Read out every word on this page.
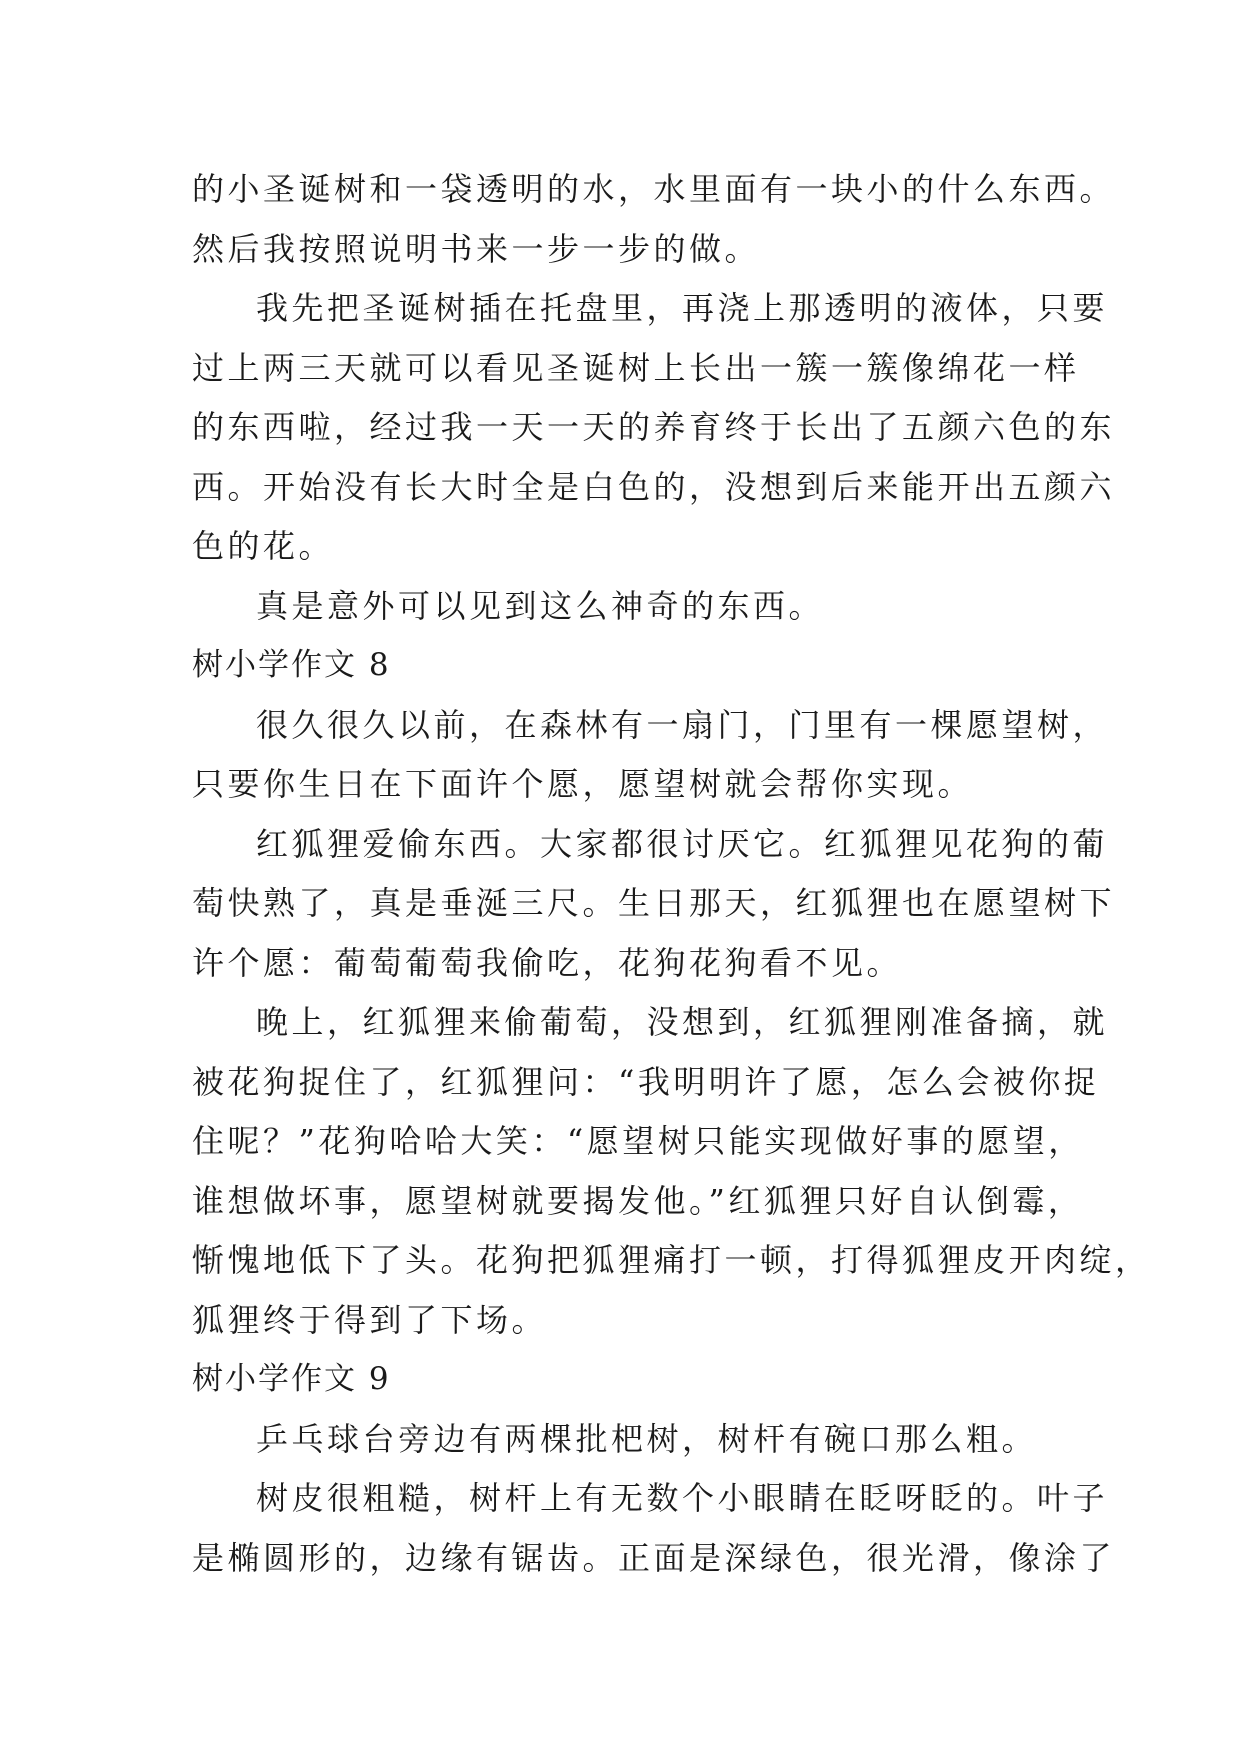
的小圣诞树和一袋透明的水，水里面有一块小的什么东西。
然后我按照说明书来一步一步的做。
我先把圣诞树插在托盘里，再浇上那透明的液体，只要
过上两三天就可以看见圣诞树上长出一簇一簇像绵花一样
的东西啦，经过我一天一天的养育终于长出了五颜六色的东
西。开始没有长大时全是白色的，没想到后来能开出五颜六
色的花。
真是意外可以见到这么神奇的东西。
树小学作文 8
很久很久以前，在森林有一扇门，门里有一棵愿望树，
只要你生日在下面许个愿，愿望树就会帮你实现。
红狐狸爱偷东西。大家都很讨厌它。红狐狸见花狗的葡
萄快熟了，真是垂涎三尺。生日那天，红狐狸也在愿望树下
许个愿：葡萄葡萄我偷吃，花狗花狗看不见。
晚上，红狐狸来偷葡萄，没想到，红狐狸刚准备摘，就
被花狗捉住了，红狐狸问：“我明明许了愿，怎么会被你捉
住呢？”花狗哈哈大笑：“愿望树只能实现做好事的愿望，
谁想做坏事，愿望树就要揭发他。”红狐狸只好自认倒霉，
惭愧地低下了头。花狗把狐狸痛打一顿，打得狐狸皮开肉绽，
狐狸终于得到了下场。
树小学作文 9
乒乓球台旁边有两棵批杷树，树杆有碗口那么粗。
树皮很粗糙，树杆上有无数个小眼睛在眨呀眨的。叶子
是椭圆形的，边缘有锯齿。正面是深绿色，很光滑，像涂了
